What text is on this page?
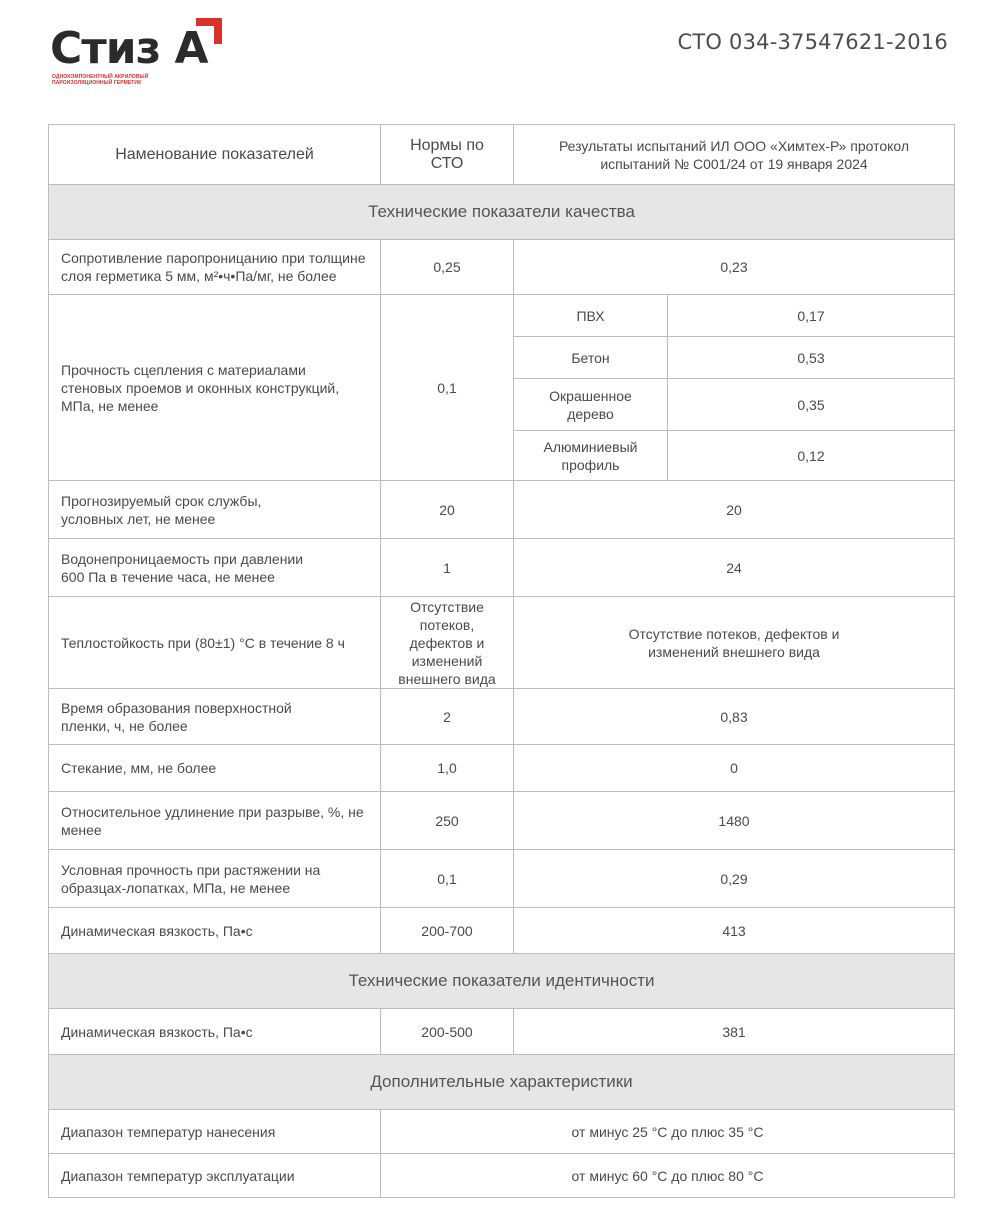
Стиз А
ОДНОКОМПОНЕНТНЫЙ АКРИЛОВЫЙ ПАРОИЗОЛЯЦИОННЫЙ ГЕРМЕТИК
СТО 034-37547621-2016
Наменование показателей	Нормы по СТО	Результаты испытаний ИЛ ООО «Химтех-Р» протокол испытаний № С001/24 от 19 января 2024	
Технические показатели качества			
Сопротивление паропроницанию при толщине слоя герметика 5 мм, м²•ч•Па/мг, не более	0,25	0,23	
Прочность сцепления с материалами стеновых проемов и оконных конструкций, МПа, не менее	0,1	ПВХ	0,17
		Бетон	0,53
		Окрашенное дерево	0,35
		Алюминиевый профиль	0,12
Прогнозируемый срок службы, условных лет, не менее	20	20	
Водонепроницаемость при давлении 600 Па в течение часа, не менее	1	24	
Теплостойкость при (80±1) °С в течение 8 ч	Отсутствие потеков, дефектов и изменений внешнего вида	Отсутствие потеков, дефектов и изменений внешнего вида	
Время образования поверхностной пленки, ч, не более	2	0,83	
Стекание, мм, не более	1,0	0	
Относительное удлинение при разрыве, %, не менее	250	1480	
Условная прочность при растяжении на образцах-лопатках, МПа, не менее	0,1	0,29	
Динамическая вязкость, Па•с	200-700	413	
Технические показатели идентичности			
Динамическая вязкость, Па•с	200-500	381	
Дополнительные характеристики			
Диапазон температур нанесения	от минус 25 °С до плюс 35 °С		
Диапазон температур эксплуатации	от минус 60 °С до плюс 80 °С		
